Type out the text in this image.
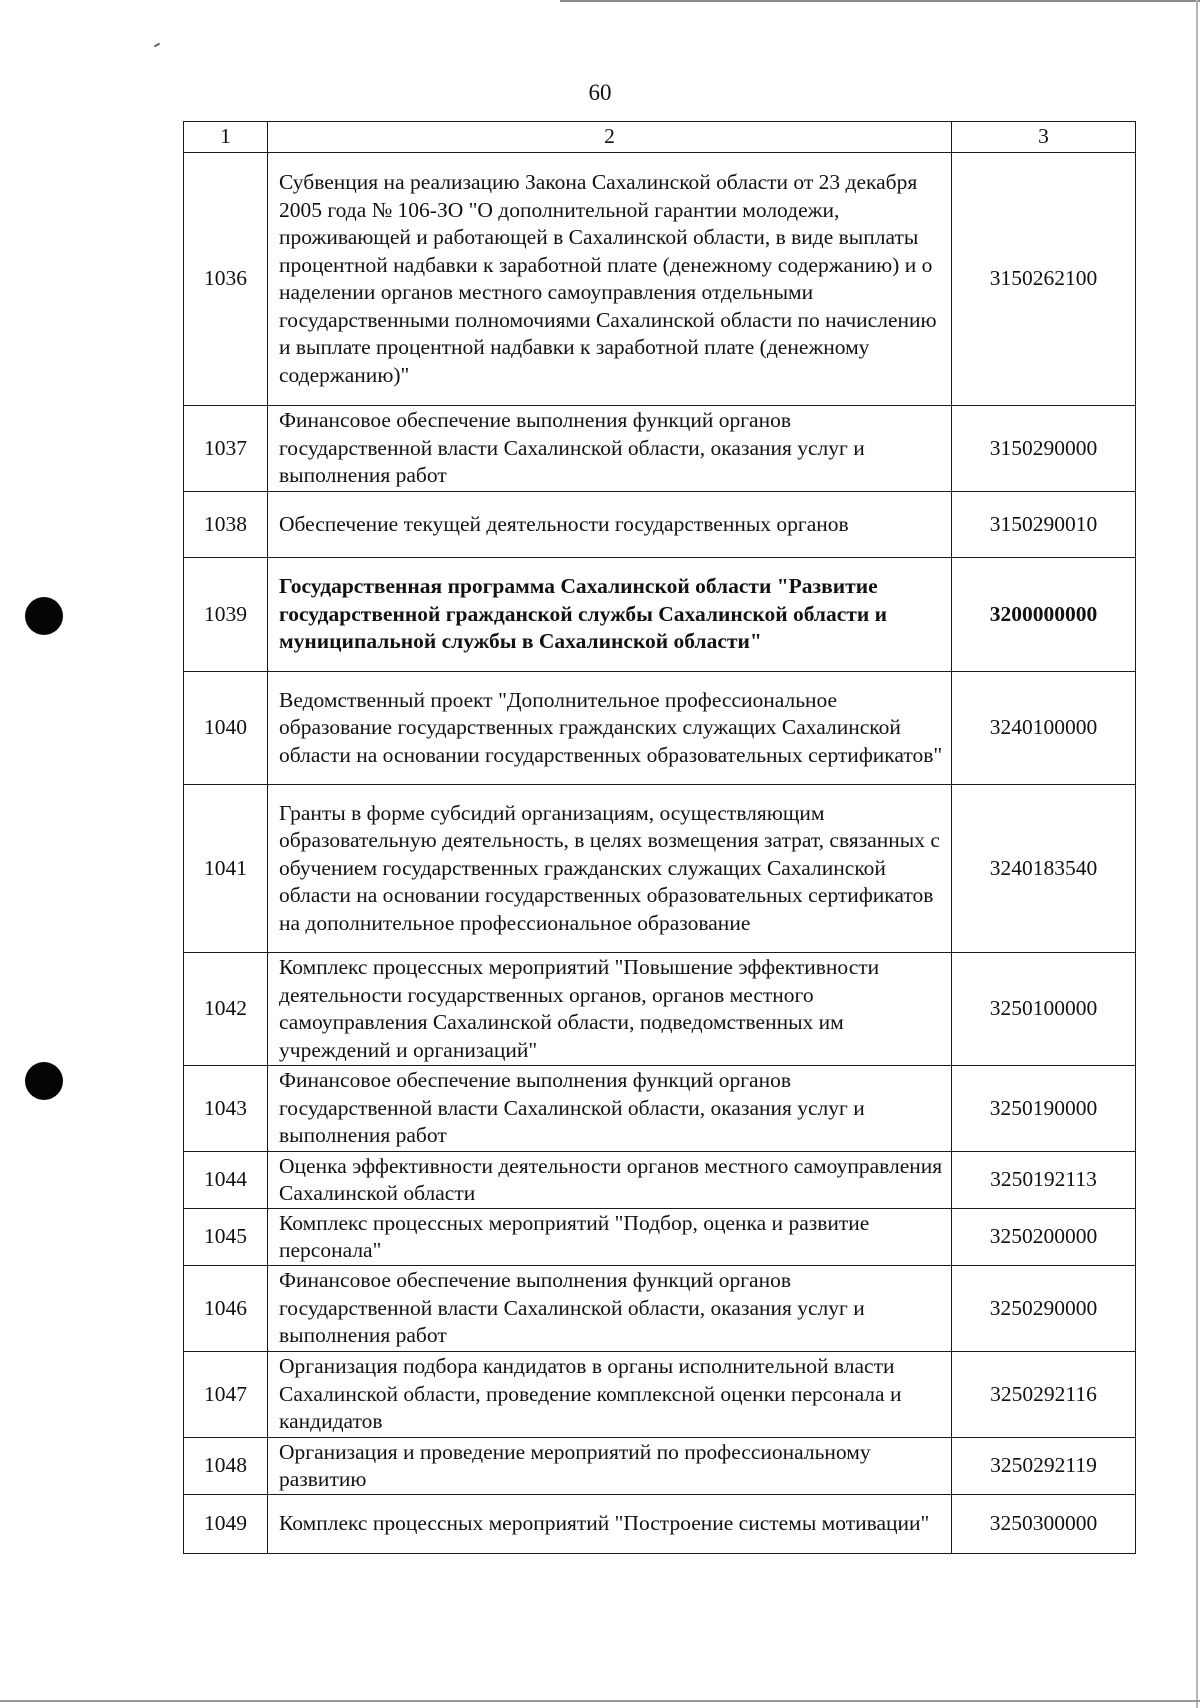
60
1	2	3
1036	Субвенция на реализацию Закона Сахалинской области от 23 декабря 2005 года № 106-ЗО "О дополнительной гарантии молодежи, проживающей и работающей в Сахалинской области, в виде выплаты процентной надбавки к заработной плате (денежному содержанию) и о наделении органов местного самоуправления отдельными государственными полномочиями Сахалинской области по начислению и выплате процентной надбавки к заработной плате (денежному содержанию)"	3150262100
1037	Финансовое обеспечение выполнения функций органов государственной власти Сахалинской области, оказания услуг и выполнения работ	3150290000
1038	Обеспечение текущей деятельности государственных органов	3150290010
1039	Государственная программа Сахалинской области "Развитие государственной гражданской службы Сахалинской области и муниципальной службы в Сахалинской области"	3200000000
1040	Ведомственный проект "Дополнительное профессиональное образование государственных гражданских служащих Сахалинской области на основании государственных образовательных сертификатов"	3240100000
1041	Гранты в форме субсидий организациям, осуществляющим образовательную деятельность, в целях возмещения затрат, связанных с обучением государственных гражданских служащих Сахалинской области на основании государственных образовательных сертификатов на дополнительное профессиональное образование	3240183540
1042	Комплекс процессных мероприятий "Повышение эффективности деятельности государственных органов, органов местного самоуправления Сахалинской области, подведомственных им учреждений и организаций"	3250100000
1043	Финансовое обеспечение выполнения функций органов государственной власти Сахалинской области, оказания услуг и выполнения работ	3250190000
1044	Оценка эффективности деятельности органов местного самоуправления Сахалинской области	3250192113
1045	Комплекс процессных мероприятий "Подбор, оценка и развитие персонала"	3250200000
1046	Финансовое обеспечение выполнения функций органов государственной власти Сахалинской области, оказания услуг и выполнения работ	3250290000
1047	Организация подбора кандидатов в органы исполнительной власти Сахалинской области, проведение комплексной оценки персонала и кандидатов	3250292116
1048	Организация и проведение мероприятий по профессиональному развитию	3250292119
1049	Комплекс процессных мероприятий "Построение системы мотивации"	3250300000
